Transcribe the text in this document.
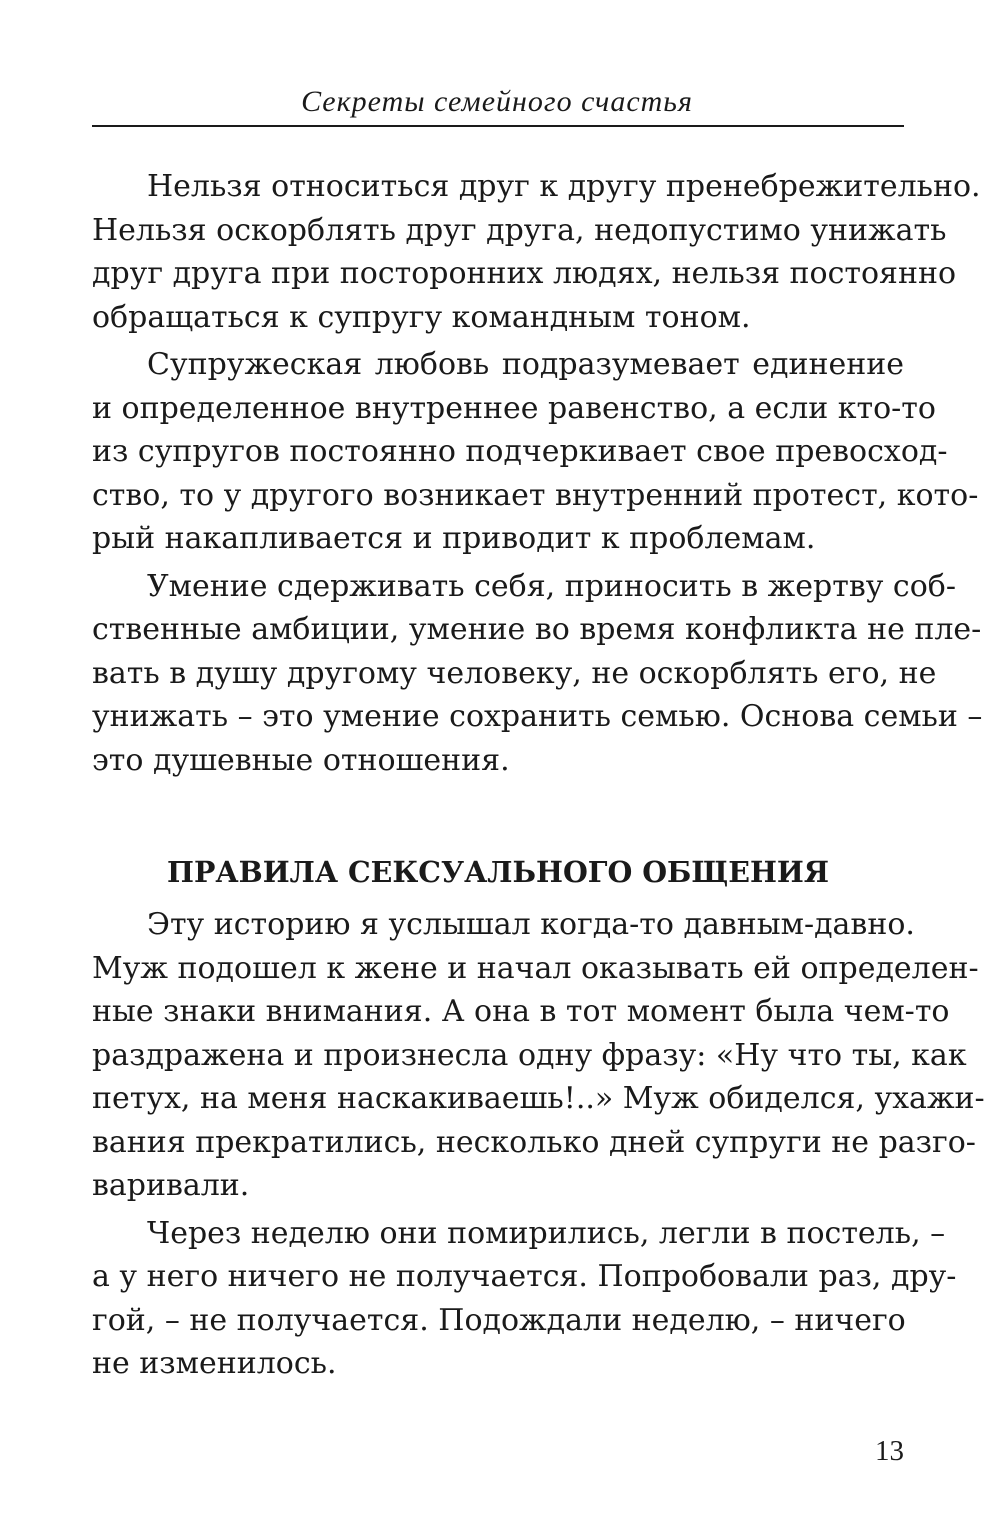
Секреты семейного счастья
Нельзя относиться друг к другу пренебрежительно.
Нельзя оскорблять друг друга, недопустимо унижать
друг друга при посторонних людях, нельзя постоянно
обращаться к супругу командным тоном.
Супружеская любовь подразумевает единение
и определенное внутреннее равенство, а если кто-то
из супругов постоянно подчеркивает свое превосход-
ство, то у другого возникает внутренний протест, кото-
рый накапливается и приводит к проблемам.
Умение сдерживать себя, приносить в жертву соб-
ственные амбиции, умение во время конфликта не пле-
вать в душу другому человеку, не оскорблять его, не
унижать – это умение сохранить семью. Основа семьи –
это душевные отношения.
ПРАВИЛА СЕКСУАЛЬНОГО ОБЩЕНИЯ
Эту историю я услышал когда-то давным-давно.
Муж подошел к жене и начал оказывать ей определен-
ные знаки внимания. А она в тот момент была чем-то
раздражена и произнесла одну фразу: «Ну что ты, как
петух, на меня наскакиваешь!..» Муж обиделся, ухажи-
вания прекратились, несколько дней супруги не разго-
варивали.
Через неделю они помирились, легли в постель, –
а у него ничего не получается. Попробовали раз, дру-
гой, – не получается. Подождали неделю, – ничего
не изменилось.
13
